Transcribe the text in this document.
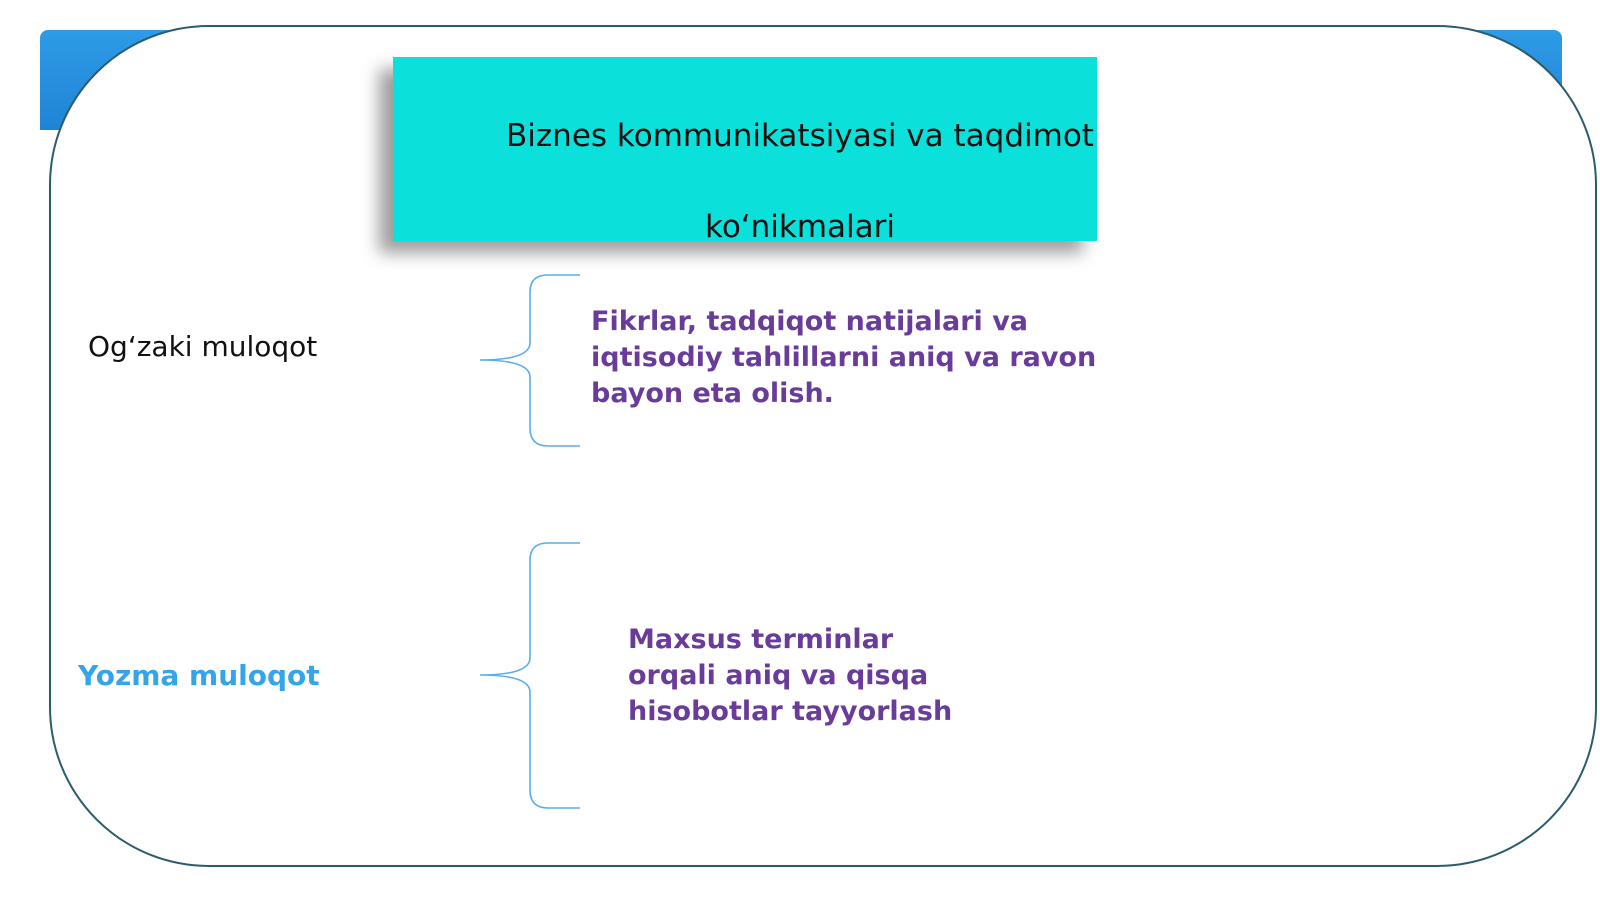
Biznes kommunikatsiyasi va taqdimot
ko‘nikmalari
Og‘zaki muloqot
Fikrlar, tadqiqot natijalari va
iqtisodiy tahlillarni aniq va ravon
bayon eta olish.
Yozma muloqot
Maxsus terminlar
orqali aniq va qisqa
hisobotlar tayyorlash
